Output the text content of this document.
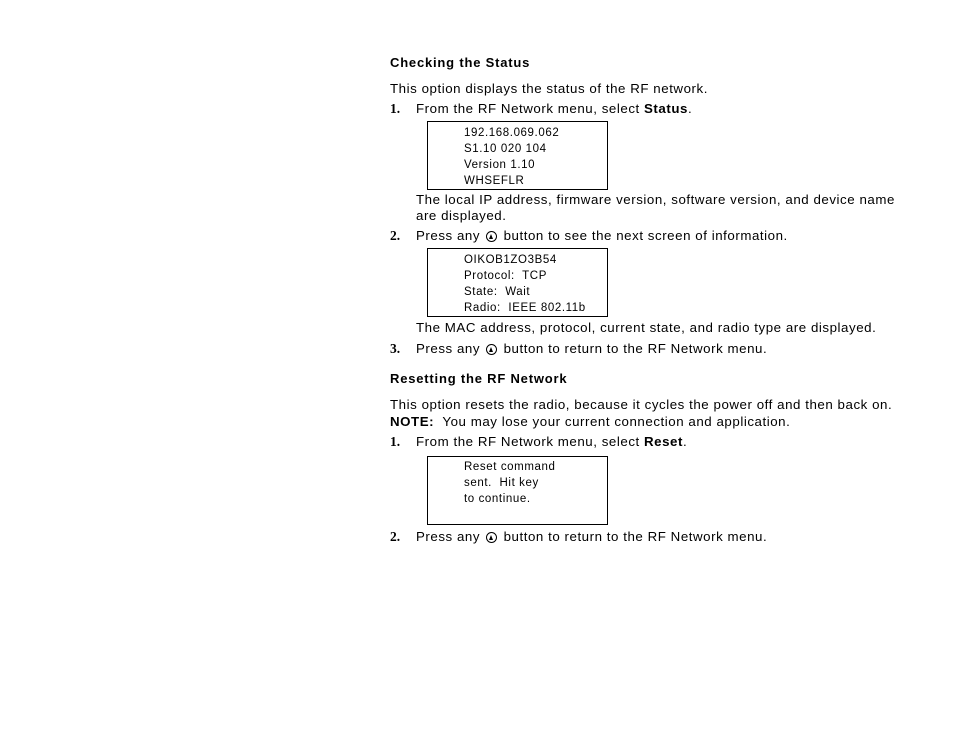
Checking the Status
This option displays the status of the RF network.
1. From the RF Network menu, select Status.
192.168.069.062
S1.10 020 104
Version 1.10
WHSEFLR
The local IP address, firmware version, software version, and device name are displayed.
2. Press any  button to see the next screen of information.
OIKOB1ZO3B54
Protocol:  TCP
State:  Wait
Radio:  IEEE 802.11b
The MAC address, protocol, current state, and radio type are displayed.
3. Press any  button to return to the RF Network menu.
Resetting the RF Network
This option resets the radio, because it cycles the power off and then back on.
NOTE:  You may lose your current connection and application.
1. From the RF Network menu, select Reset.
Reset command
sent.  Hit key
to continue.
2. Press any  button to return to the RF Network menu.
